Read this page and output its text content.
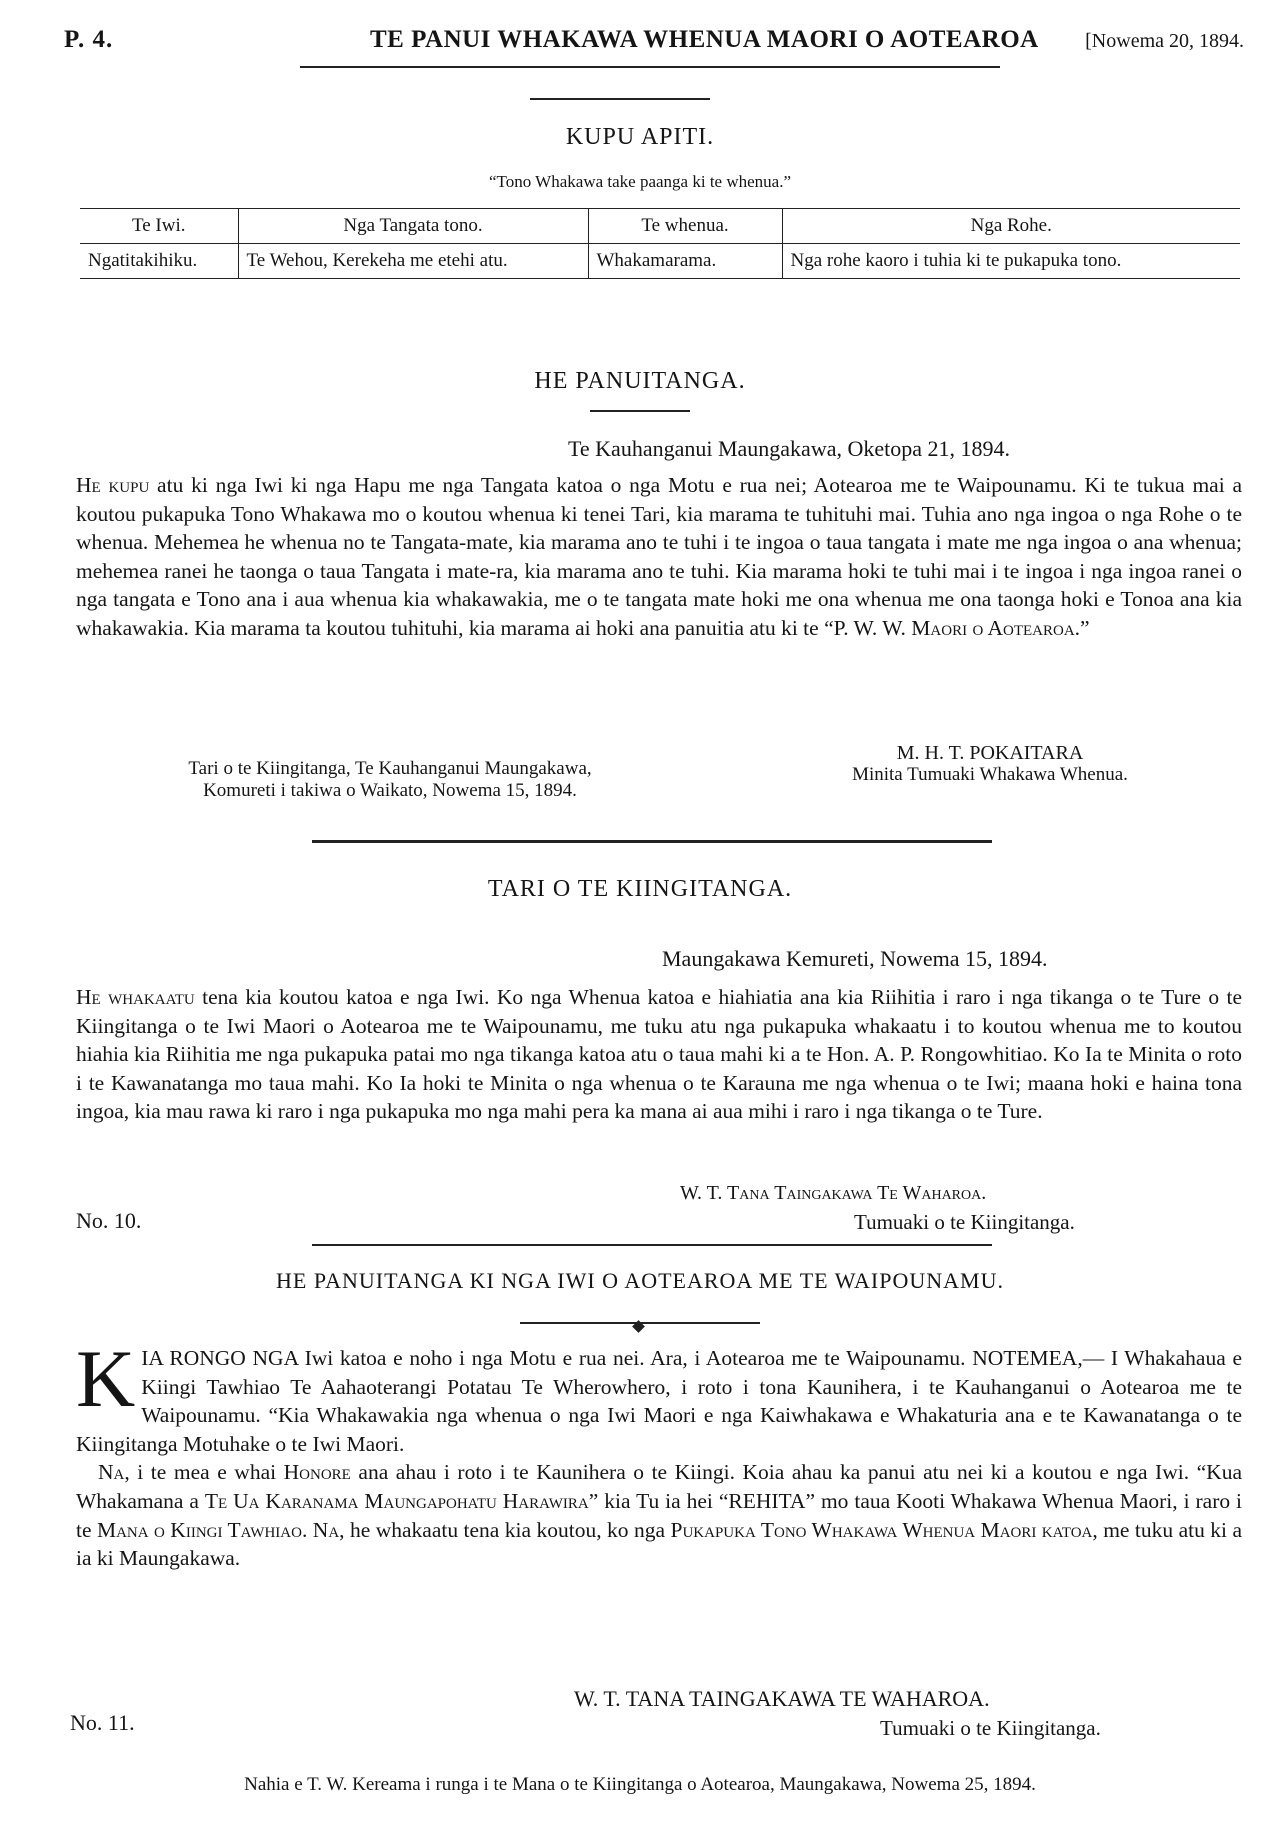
P. 4.	TE PANUI WHAKAWA WHENUA MAORI O AOTEAROA [Nowema 20, 1894.
KUPU APITI.
“Tono Whakawa take paanga ki te whenua.”
Te Iwi.	Nga Tangata tono.	Te whenua.	Nga Rohe.
Ngatitakihiku.	Te Wehou, Kerekeha me etehi atu.	Whakamarama.	Nga rohe kaoro i tuhia ki te pukapuka tono.
HE PANUITANGA.
Te Kauhanganui Maungakawa, Oketopa 21, 1894.
He kupu atu ki nga Iwi ki nga Hapu me nga Tangata katoa o nga Motu e rua nei; Aotearoa me te Waipounamu. Ki te tukua mai a koutou pukapuka Tono Whakawa mo o koutou whenua ki tenei Tari, kia marama te tuhituhi mai. Tuhia ano nga ingoa o nga Rohe o te whenua. Mehemea he whenua no te Tangata-mate, kia marama ano te tuhi i te ingoa o taua tangata i mate me nga ingoa o ana whenua; mehemea ranei he taonga o taua Tangata i mate-ra, kia marama ano te tuhi. Kia marama hoki te tuhi mai i te ingoa i nga ingoa ranei o nga tangata e Tono ana i aua whenua kia whakawakia, me o te tangata mate hoki me ona whenua me ona taonga hoki e Tonoa ana kia whakawakia. Kia marama ta koutou tuhituhi, kia marama ai hoki ana panuitia atu ki te “P. W. W. Maori o Aotearoa.”
Tari o te Kiingitanga, Te Kauhanganui Maungakawa,
Komureti i takiwa o Waikato, Nowema 15, 1894.
M. H. T. POKAITARA
Minita Tumuaki Whakawa Whenua.
TARI O TE KIINGITANGA.
Maungakawa Kemureti, Nowema 15, 1894.
He whakaatu tena kia koutou katoa e nga Iwi. Ko nga Whenua katoa e hiahiatia ana kia Riihitia i raro i nga tikanga o te Ture o te Kiingitanga o te Iwi Maori o Aotearoa me te Waipounamu, me tuku atu nga pukapuka whakaatu i to koutou whenua me to koutou hiahia kia Riihitia me nga pukapuka patai mo nga tikanga katoa atu o taua mahi ki a te Hon. A. P. Rongowhitiao. Ko Ia te Minita o roto i te Kawanatanga mo taua mahi. Ko Ia hoki te Minita o nga whenua o te Karauna me nga whenua o te Iwi; maana hoki e haina tona ingoa, kia mau rawa ki raro i nga pukapuka mo nga mahi pera ka mana ai aua mihi i raro i nga tikanga o te Ture.
W. T. Tana Taingakawa Te Waharoa.
Tumuaki o te Kiingitanga.
No. 10.
HE PANUITANGA KI NGA IWI O AOTEAROA ME TE WAIPOUNAMU.
KIA RONGO NGA Iwi katoa e noho i nga Motu e rua nei. Ara, i Aotearoa me te Waipounamu. NOTEMEA,— I Whakahaua e Kiingi Tawhiao Te Aahaoterangi Potatau Te Wherowhero, i roto i tona Kaunihera, i te Kauhanganui o Aotearoa me te Waipounamu. “Kia Whakawakia nga whenua o nga Iwi Maori e nga Kaiwhakawa e Whakaturia ana e te Kawanatanga o te Kiingitanga Motuhake o te Iwi Maori.
Na, i te mea e whai Honore ana ahau i roto i te Kaunihera o te Kiingi. Koia ahau ka panui atu nei ki a koutou e nga Iwi. “Kua Whakamana a Te Ua Karanama Maungapohatu Harawira” kia Tu ia hei “REHITA” mo taua Kooti Whakawa Whenua Maori, i raro i te Mana o Kiingi Tawhiao. Na, he whakaatu tena kia koutou, ko nga Pukapuka Tono Whakawa Whenua Maori katoa, me tuku atu ki a ia ki Maungakawa.
W. T. TANA TAINGAKAWA TE WAHAROA.
Tumuaki o te Kiingitanga.
No. 11.
Nahia e T. W. Kereama i runga i te Mana o te Kiingitanga o Aotearoa, Maungakawa, Nowema 25, 1894.
